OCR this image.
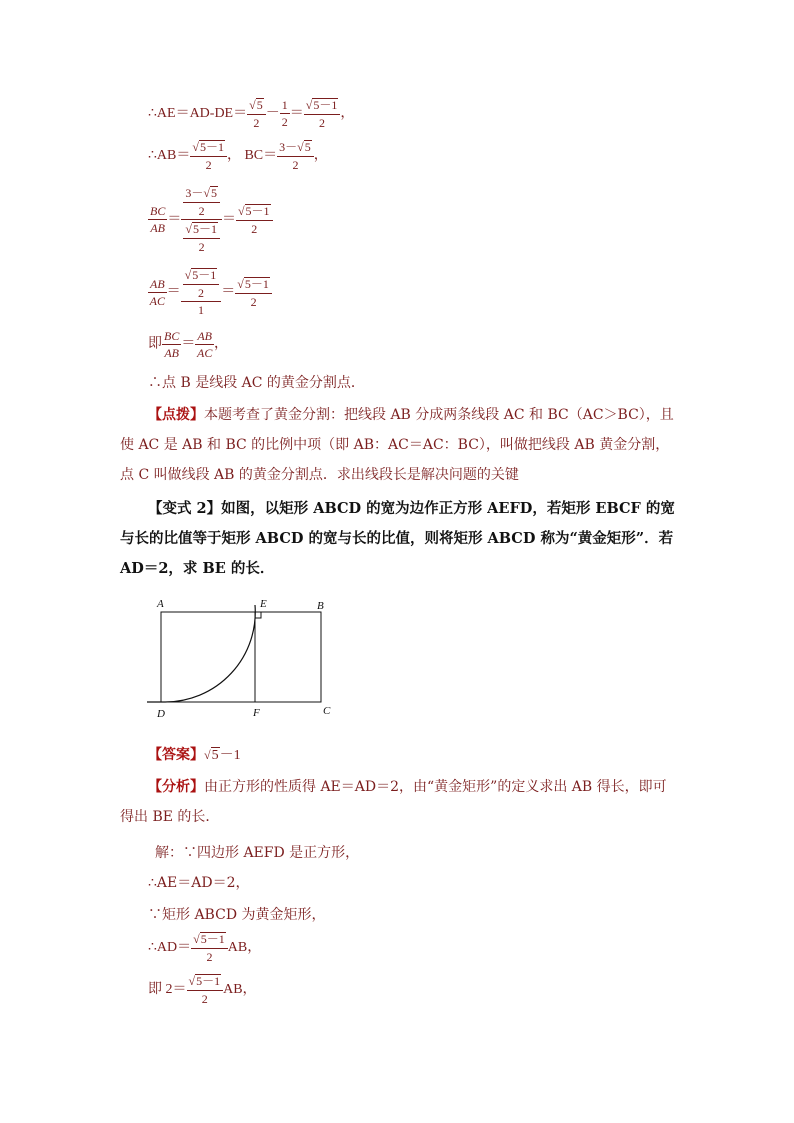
∴AE＝AD-DE＝ $\frac{√5}{2} - \frac{1}{2} = \frac{√5-1}{2}$ ，
∴AB＝ $\frac{√5-1}{2}$ ， $BC= \frac{3-√5}{2}$ ，
$\frac{BC}{AB} = \frac{\frac{3-√5}{2}}{\frac{√5-1}{2}} = \frac{√5-1}{2}$
$\frac{AB}{AC} = \frac{\frac{√5-1}{2}}{1} = \frac{√5-1}{2}$
即 $\frac{BC}{AB} = \frac{AB}{AC}$ ，
∴点 B 是线段 AC 的黄金分割点．
【点拨】本题考查了黄金分割：把线段 AB 分成两条线段 AC 和 BC（AC＞BC），且使 AC 是 AB 和 BC 的比例中项（即 AB：AC＝AC：BC），叫做把线段 AB 黄金分割，点 C 叫做线段 AB 的黄金分割点．求出线段长是解决问题的关键
【变式 2】如图，以矩形 ABCD 的宽为边作正方形 AEFD，若矩形 EBCF 的宽与长的比值等于矩形 ABCD 的宽与长的比值，则将矩形 ABCD 称为“黄金矩形”．若 AD＝2，求 BE 的长．
A	E	B
D	F	C
【答案】√5－1
【分析】由正方形的性质得 AE＝AD＝2，由“黄金矩形”的定义求出 AB 得长，即可得出 BE 的长．
解：∵四边形 AEFD 是正方形，
∴AE＝AD＝2，
∵矩形 ABCD 为黄金矩形，
∴AD＝ $\frac{√5-1}{2}$ AB，
即 $2= \frac{√5-1}{2}$ AB，
